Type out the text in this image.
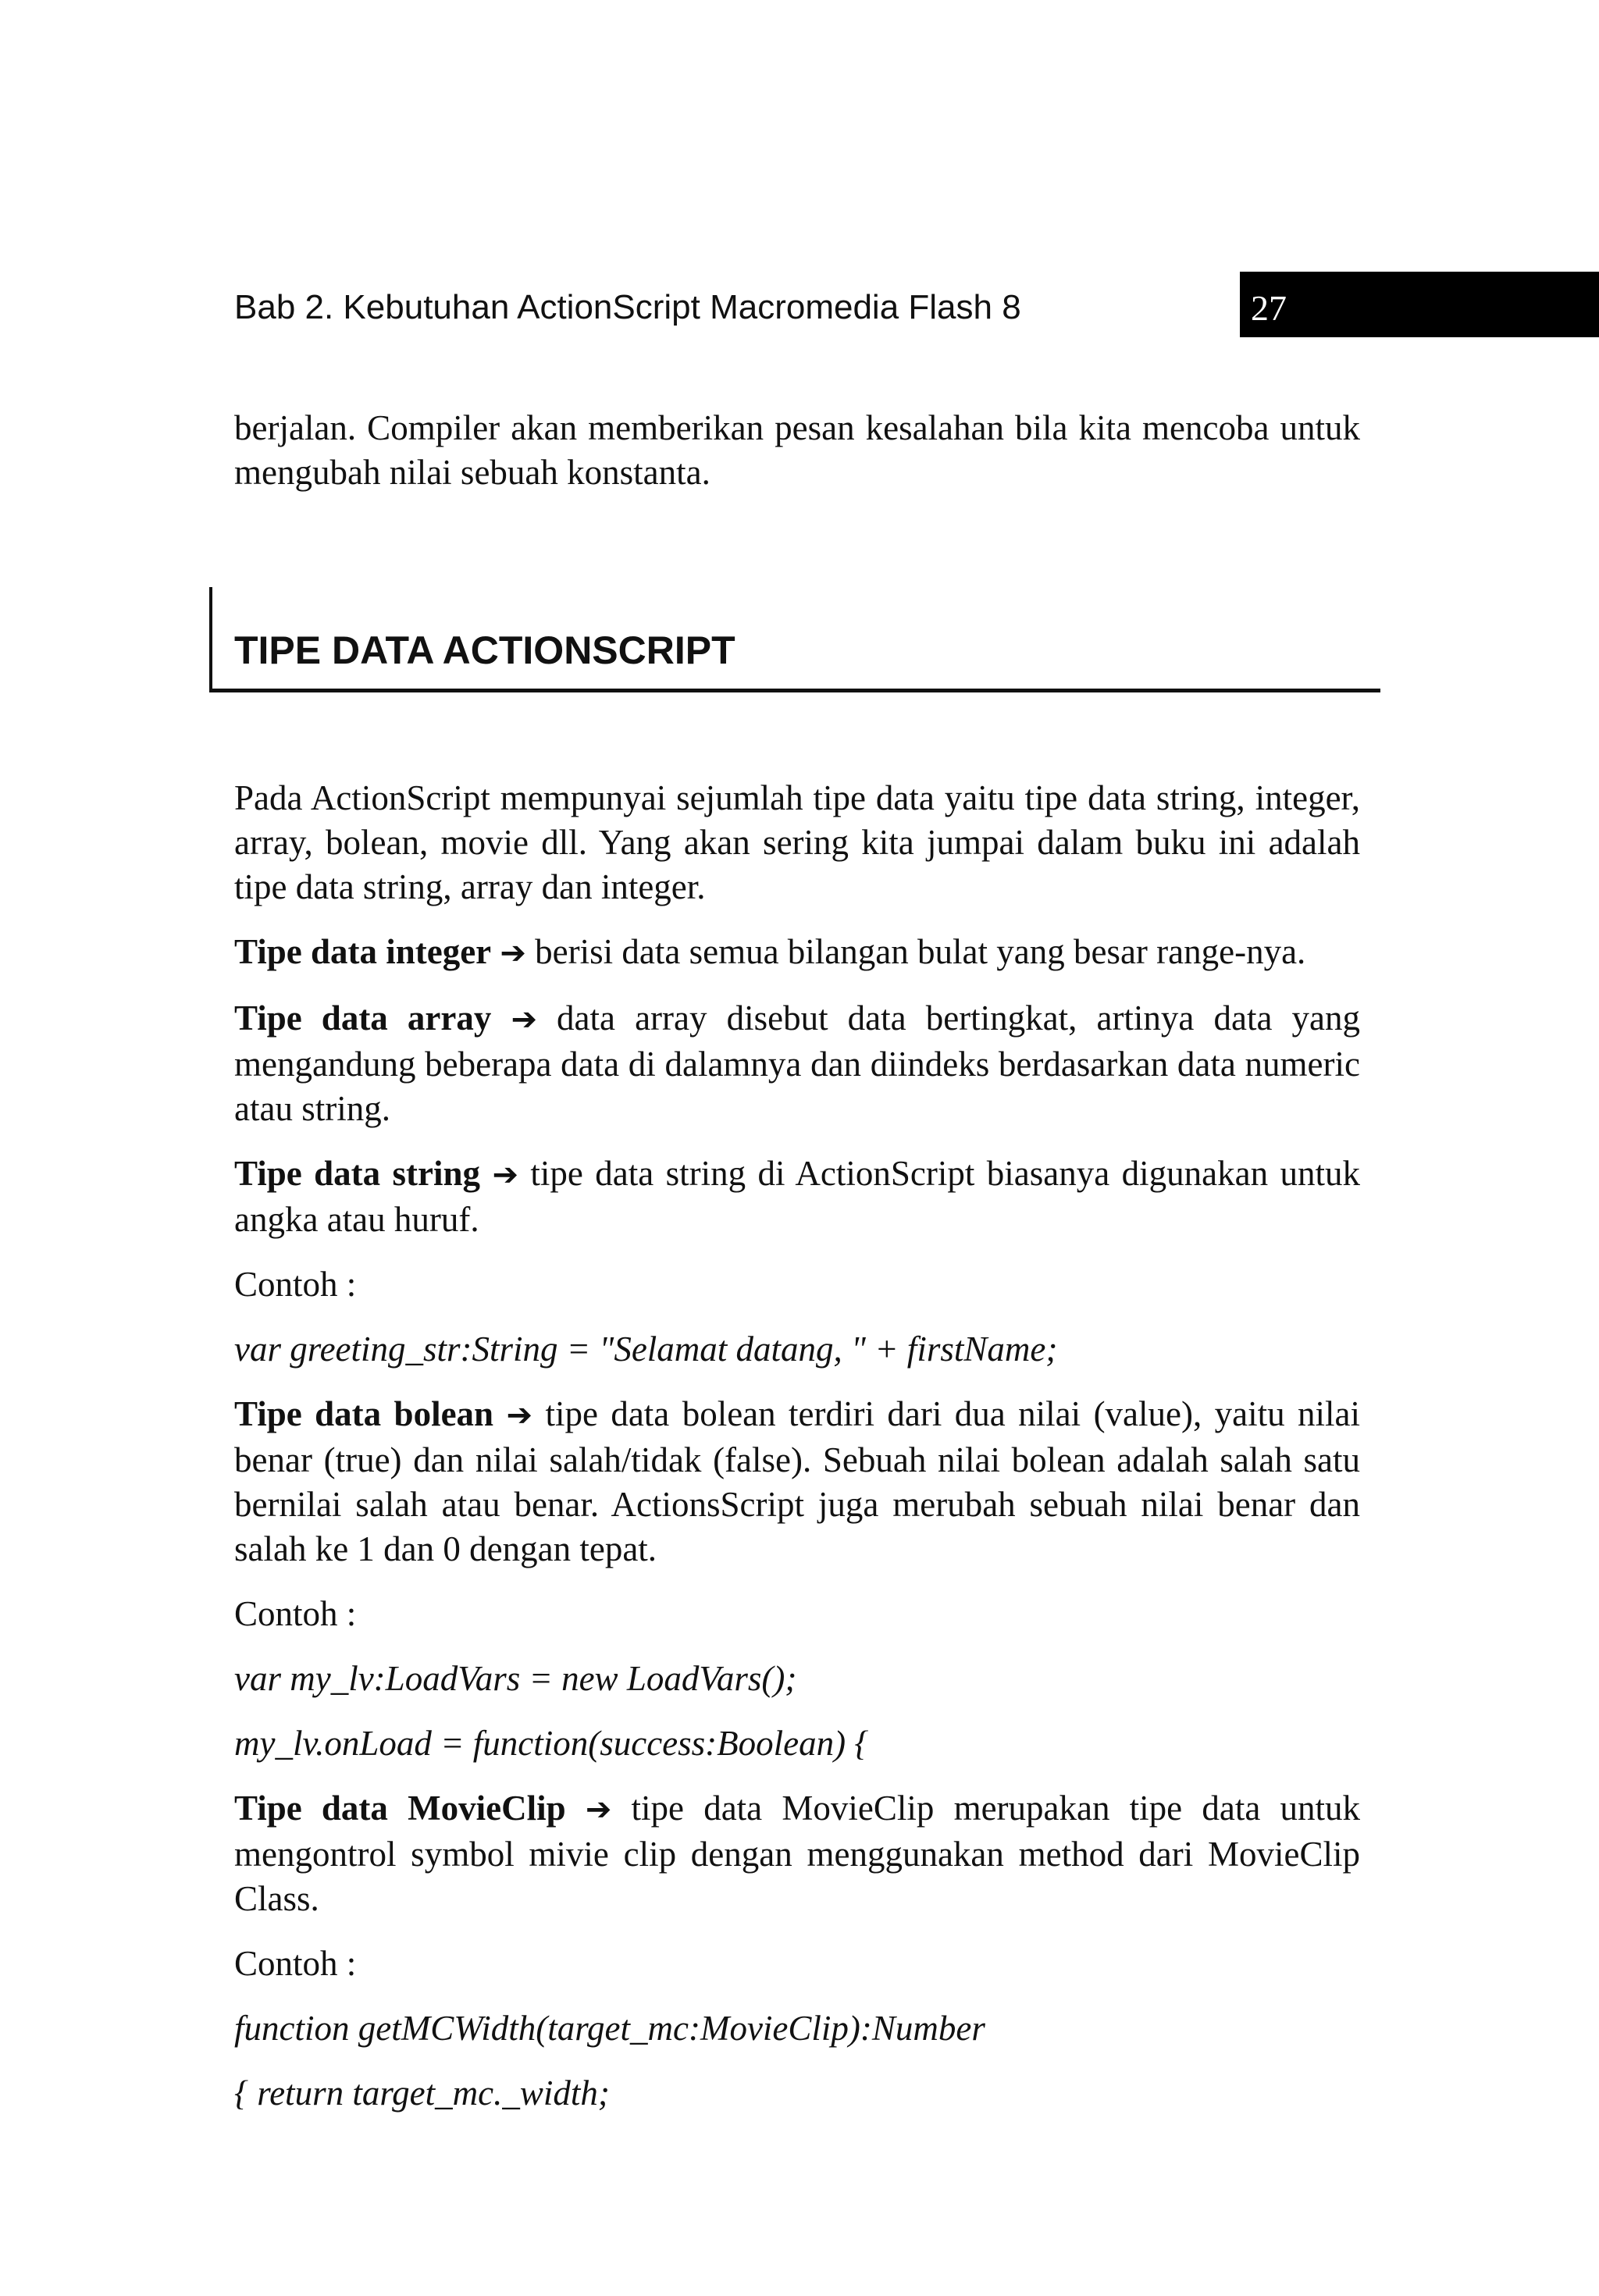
Bab 2. Kebutuhan ActionScript Macromedia Flash 8	27

berjalan. Compiler akan memberikan pesan kesalahan bila kita mencoba untuk mengubah nilai sebuah konstanta.

TIPE DATA ACTIONSCRIPT

Pada ActionScript mempunyai sejumlah tipe data yaitu tipe data string, integer, array, bolean, movie dll. Yang akan sering kita jumpai dalam buku ini adalah tipe data string, array dan integer.

Tipe data integer ➔ berisi data semua bilangan bulat yang besar range-nya.

Tipe data array ➔ data array disebut data bertingkat, artinya data yang mengandung beberapa data di dalamnya dan diindeks berdasarkan data numeric atau string.

Tipe data string ➔ tipe data string di ActionScript biasanya digunakan untuk angka atau huruf.

Contoh :

var greeting_str:String = "Selamat datang, " + firstName;

Tipe data bolean ➔ tipe data bolean terdiri dari dua nilai (value), yaitu nilai benar (true) dan nilai salah/tidak (false). Sebuah nilai bolean adalah salah satu bernilai salah atau benar. ActionsScript juga merubah sebuah nilai benar dan salah ke 1 dan 0 dengan tepat.

Contoh :

var my_lv:LoadVars = new LoadVars();

my_lv.onLoad = function(success:Boolean) {

Tipe data MovieClip ➔ tipe data MovieClip merupakan tipe data untuk mengontrol symbol mivie clip dengan menggunakan method dari MovieClip Class.

Contoh :

function getMCWidth(target_mc:MovieClip):Number

{ return target_mc._width;
